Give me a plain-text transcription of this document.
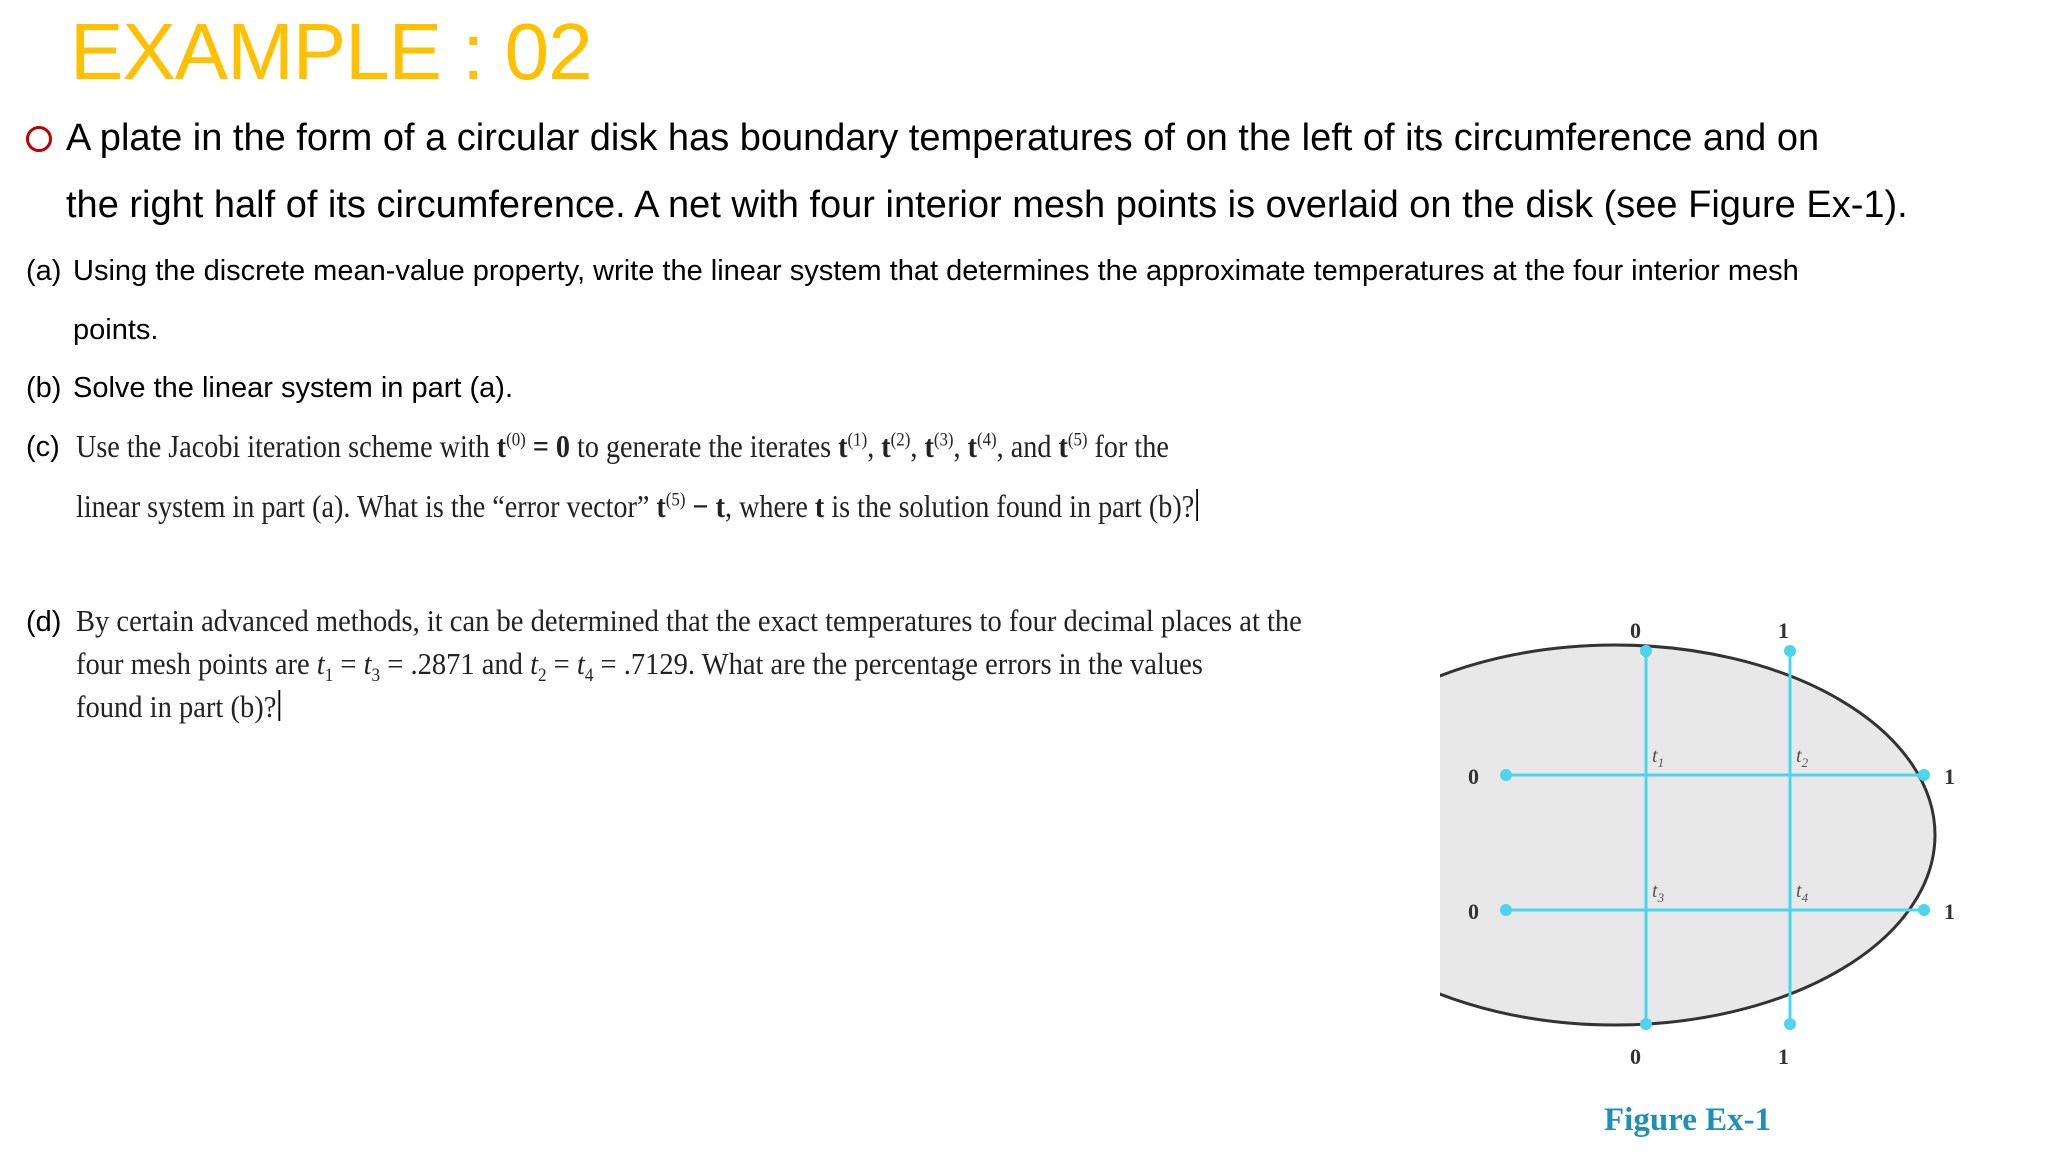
EXAMPLE : 02
A plate in the form of a circular disk has boundary temperatures of on the left of its circumference and on
the right half of its circumference. A net with four interior mesh points is overlaid on the disk (see Figure Ex-1).
(a) Using the discrete mean-value property, write the linear system that determines the approximate temperatures at the four interior mesh
points.
(b) Solve the linear system in part (a).
(c) Use the Jacobi iteration scheme with $t^{(0)} = 0$ to generate the iterates $t^{(1)}$, $t^{(2)}$, $t^{(3)}$, $t^{(4)}$, and $t^{(5)}$ for the
linear system in part (a). What is the “error vector” $t^{(5)} - t$, where t is the solution found in part (b)?
(d) By certain advanced methods, it can be determined that the exact temperatures to four decimal places at the
four mesh points are $t_1 = t_3 = .2871$ and $t_2 = t_4 = .7129$. What are the percentage errors in the values
found in part (b)?
0	1
0	1
0
0
1
1
$t_1$	$t_2$
$t_3$	$t_4$
Figure Ex-1
